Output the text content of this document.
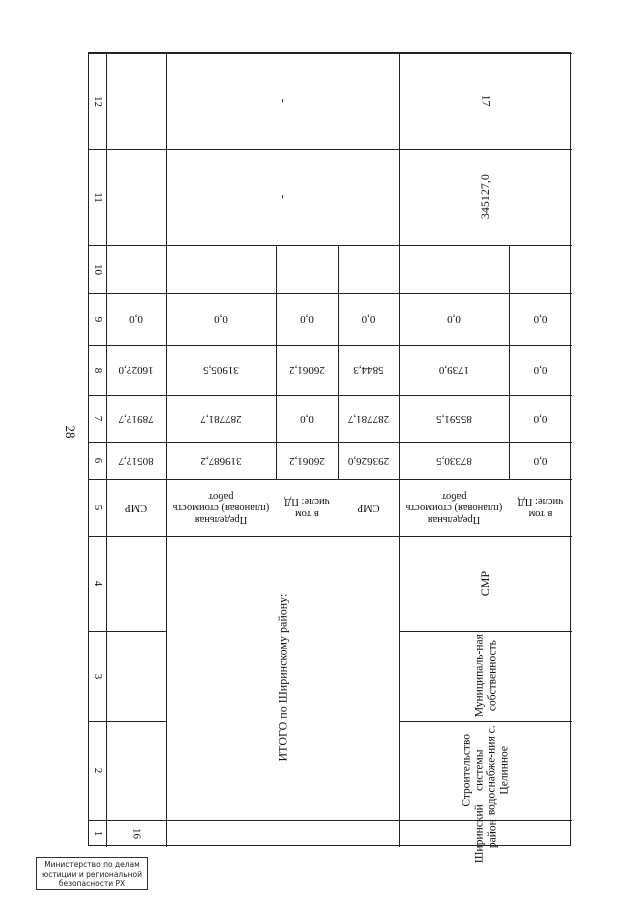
28
12
11
10
9
8
7
6
5
4
3
2
1
0,0
1602?,0
7891?,7
8051?,7
СМР
-
-
0,0
31905,5
287781,7
319687,2
Предельная (плановая) стоимость работ
ИТОГО по Ширинскому району:
0,0
26061,2
0,0
26061,2
в том числе: ПД
0,0
5844,3
287781,7
293626,0
СМР
17
345127,0
0,0
1739,0
85591,5
87330,5
Предельная (плановая) стоимость работ
0,0
0,0
0,0
0,0
в том числе: ПД
СМР
Муниципаль-ная собственность
Строительство системы водоснабже-ния с. Целинное
Ширинский район
16
Министерство по делам юстиции и региональной безопасности РХ
